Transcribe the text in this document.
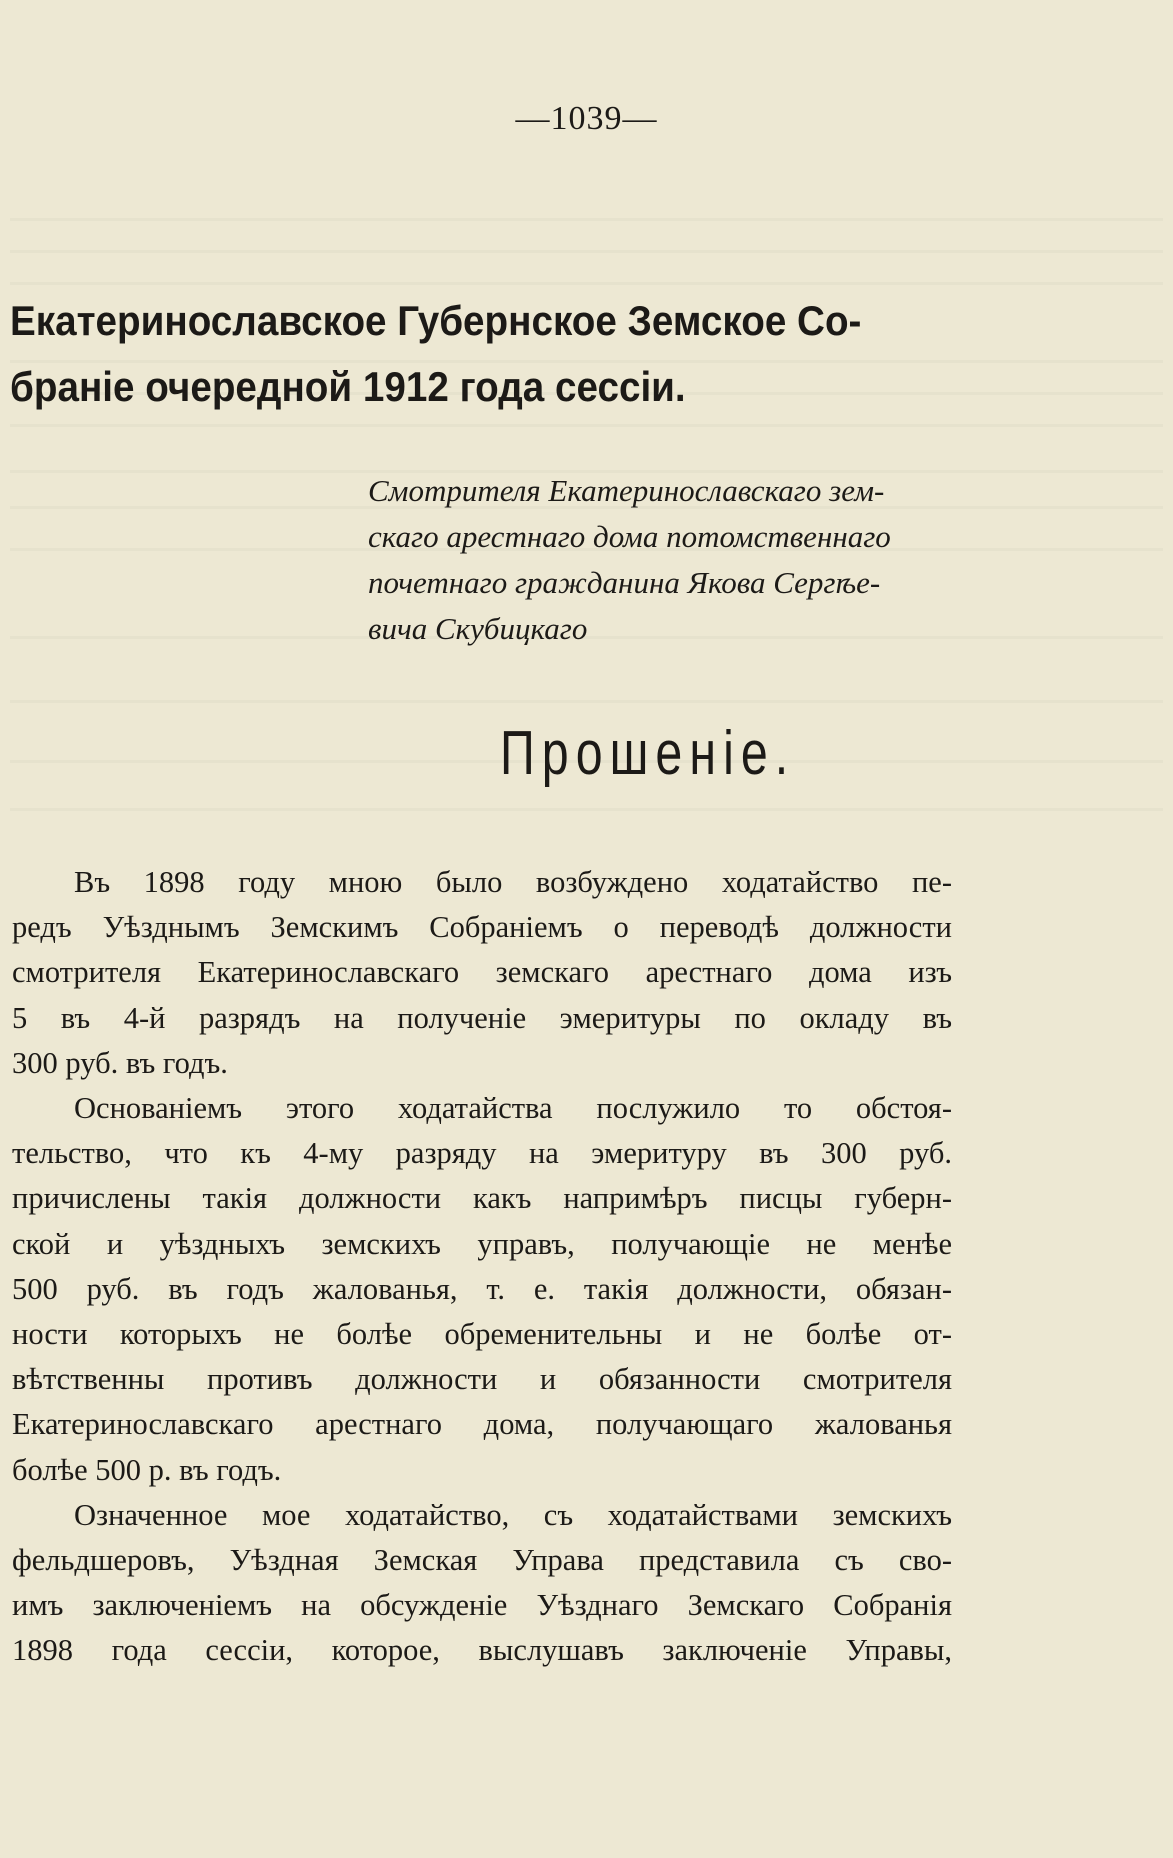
—1039—

Екатеринославское Губернское Земское Со-
бранiе очередной 1912 года сессiи.

Смотрителя Екатеринославскаго зем-
скаго арестнаго дома потомственнаго
почетнаго гражданина Якова Сергѣе-
вича Скубицкаго

Прошенiе.

Въ 1898 году мною было возбуждено ходатайство пе-
редъ Уѣзднымъ Земскимъ Собранiемъ о переводѣ должности
смотрителя Екатеринославскаго земскаго арестнаго дома изъ
5 въ 4-й разрядъ на полученiе эмеритуры по окладу въ
300 руб. въ годъ.

Основанiемъ этого ходатайства послужило то обстоя-
тельство, что къ 4-му разряду на эмеритуру въ 300 руб.
причислены такiя должности какъ напримѣръ писцы губерн-
ской и уѣздныхъ земскихъ управъ, получающiе не менѣе
500 руб. въ годъ жалованья, т. е. такiя должности, обязан-
ности которыхъ не болѣе обременительны и не болѣе от-
вѣтственны противъ должности и обязанности смотрителя
Екатеринославскаго арестнаго дома, получающаго жалованья
болѣе 500 р. въ годъ.

Означенное мое ходатайство, съ ходатайствами земскихъ
фельдшеровъ, Уѣздная Земская Управа представила съ сво-
имъ заключенiемъ на обсужденiе Уѣзднаго Земскаго Собранiя
1898 года сессiи, которое, выслушавъ заключенiе Управы,
